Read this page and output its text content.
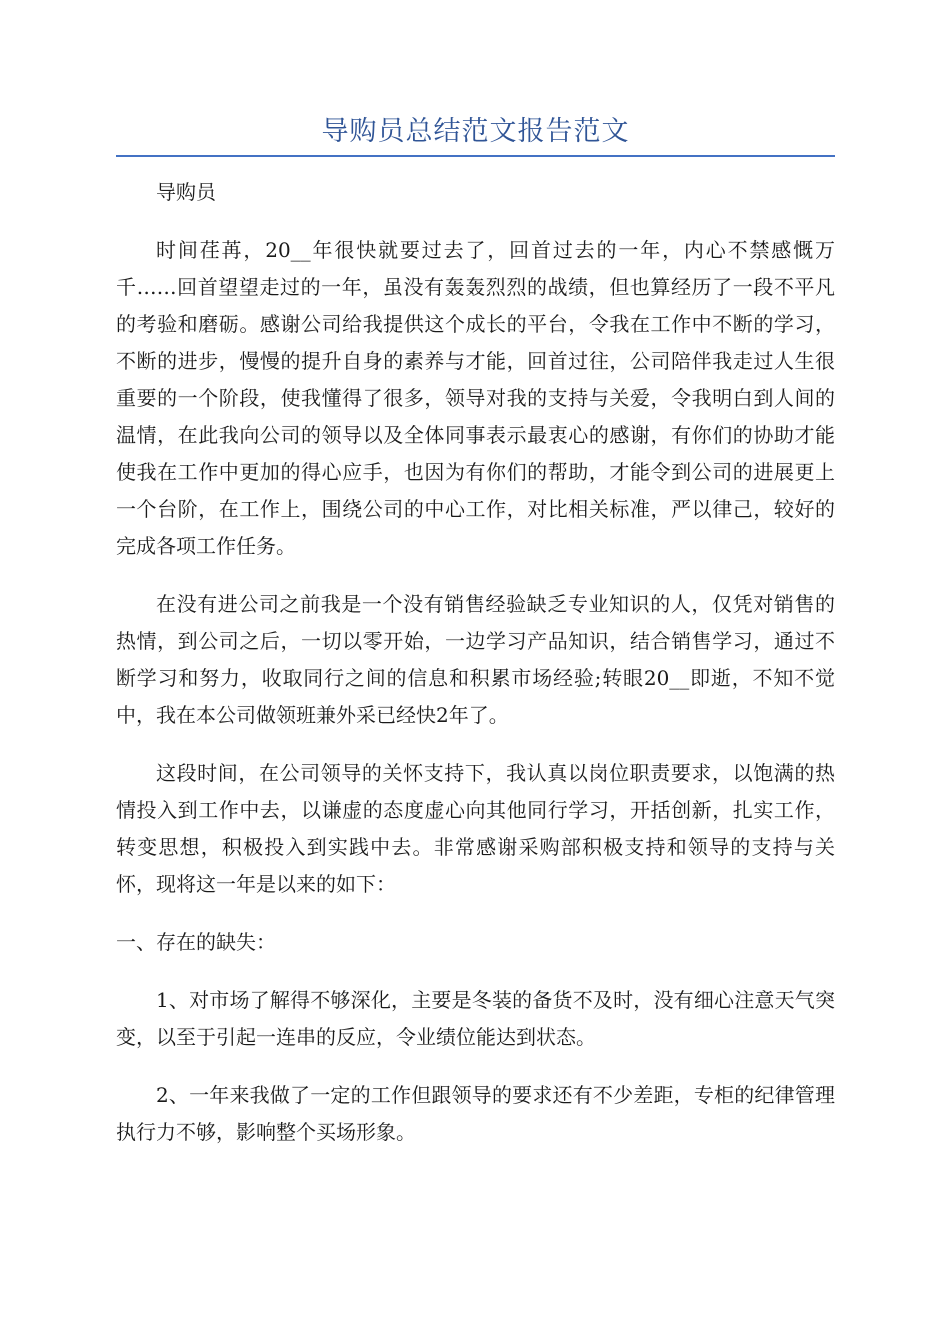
导购员总结范文报告范文

导购员

时间荏苒，20__年很快就要过去了，回首过去的一年，内心不禁感慨万千……回首望望走过的一年，虽没有轰轰烈烈的战绩，但也算经历了一段不平凡的考验和磨砺。感谢公司给我提供这个成长的平台，令我在工作中不断的学习，不断的进步，慢慢的提升自身的素养与才能，回首过往，公司陪伴我走过人生很重要的一个阶段，使我懂得了很多，领导对我的支持与关爱，令我明白到人间的温情，在此我向公司的领导以及全体同事表示最衷心的感谢，有你们的协助才能使我在工作中更加的得心应手，也因为有你们的帮助，才能令到公司的进展更上一个台阶，在工作上，围绕公司的中心工作，对比相关标准，严以律己，较好的完成各项工作任务。

在没有进公司之前我是一个没有销售经验缺乏专业知识的人，仅凭对销售的热情，到公司之后，一切以零开始，一边学习产品知识，结合销售学习，通过不断学习和努力，收取同行之间的信息和积累市场经验;转眼20__即逝，不知不觉中，我在本公司做领班兼外采已经快2年了。

这段时间，在公司领导的关怀支持下，我认真以岗位职责要求，以饱满的热情投入到工作中去，以谦虚的态度虚心向其他同行学习，开括创新，扎实工作，转变思想，积极投入到实践中去。非常感谢采购部积极支持和领导的支持与关怀，现将这一年是以来的如下：

一、存在的缺失：

1、对市场了解得不够深化，主要是冬装的备货不及时，没有细心注意天气突变，以至于引起一连串的反应，令业绩位能达到状态。

2、一年来我做了一定的工作但跟领导的要求还有不少差距，专柜的纪律管理执行力不够，影响整个买场形象。
